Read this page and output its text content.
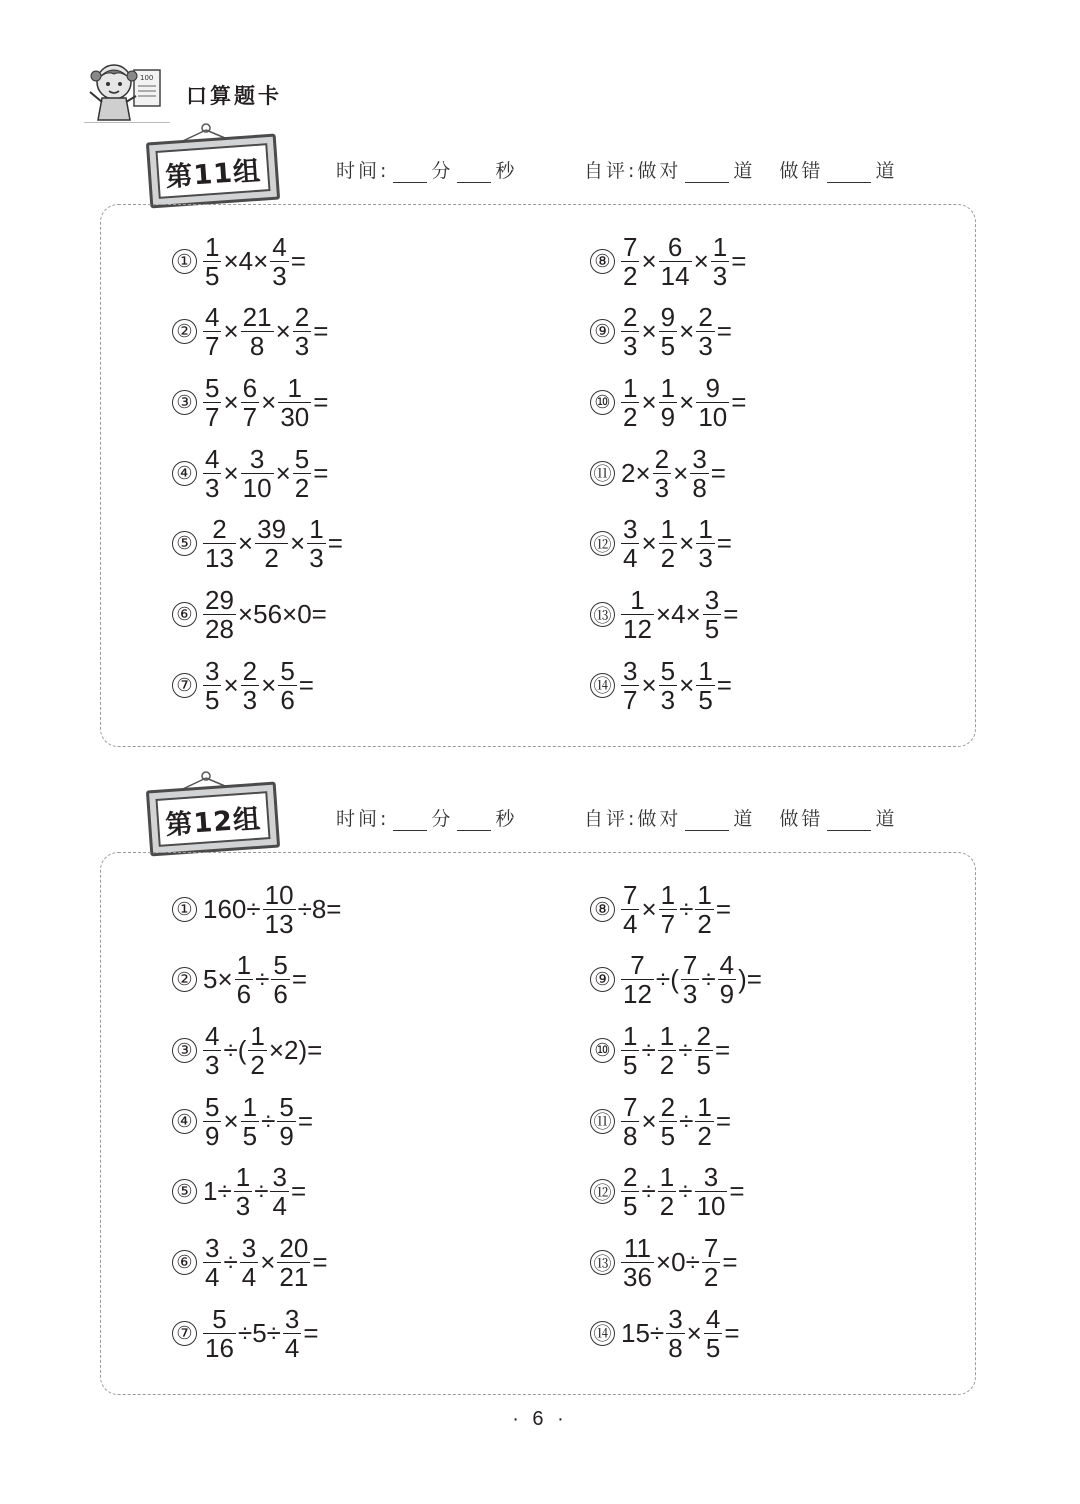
100
口算题卡
第11组	时间: 分 秒	自评:做对	道 做错	道
① $\frac{1}{5} \times 4\times \frac{4}{3}$ =
② $\frac{4}{7} \times \frac{21}{8} \times \frac{2}{3}$ =
③ $\frac{5}{7} \times \frac{6}{7} \times \frac{1}{30}$ =
④ $\frac{4}{3} \times \frac{3}{10} \times \frac{5}{2}$ =
⑤ $\frac{2}{13} \times \frac{39}{2} \times \frac{1}{3}$ =
⑥ $\frac{29}{28} \times 56\times 0=$
⑦ $\frac{3}{5} \times \frac{2}{3} \times \frac{5}{6}$ =
⑧ $\frac{7}{2} \times \frac{6}{14} \times \frac{1}{3}$ =
⑨ $\frac{2}{3} \times \frac{9}{5} \times \frac{2}{3}$ =
⑩ $\frac{1}{2} \times \frac{1}{9} \times \frac{9}{10}$ =
⑪ $2\times \frac{2}{3} \times \frac{3}{8}$ =
⑫ $\frac{3}{4} \times \frac{1}{2} \times \frac{1}{3}$ =
⑬ $\frac{1}{12} \times 4\times \frac{3}{5}$ =
⑭ $\frac{3}{7} \times \frac{5}{3} \times \frac{1}{5}$ =
第12组	时间: 分 秒	自评:做对	道 做错	道
① $160\div \frac{10}{13} \div 8=$
② $5\times \frac{1}{6} \div \frac{5}{6}$ =
③ $\frac{4}{3}$ ÷( $\frac{1}{2} \times 2)=$
④ $\frac{5}{9} \times \frac{1}{5} \div \frac{5}{9}$ =
⑤ $1\div \frac{1}{3} \div \frac{3}{4}$ =
⑥ $\frac{3}{4} \div \frac{3}{4} \times \frac{20}{21}$ =
⑦ $\frac{5}{16} \div 5\div \frac{3}{4}$ =
⑧ $\frac{7}{4} \times \frac{1}{7} \div \frac{1}{2}$ =
⑨ $\frac{7}{12}$ ÷( $\frac{7}{3} \div \frac{4}{9}$ )=
⑩ $\frac{1}{5} \div \frac{1}{2} \div \frac{2}{5}$ =
⑪ $\frac{7}{8} \times \frac{2}{5} \div \frac{1}{2}$ =
⑫ $\frac{2}{5} \div \frac{1}{2} \div \frac{3}{10}$ =
⑬ $\frac{11}{36} \times 0\div \frac{7}{2}$ =
⑭ $15\div \frac{3}{8} \times \frac{4}{5}$ =
· 6 ·
